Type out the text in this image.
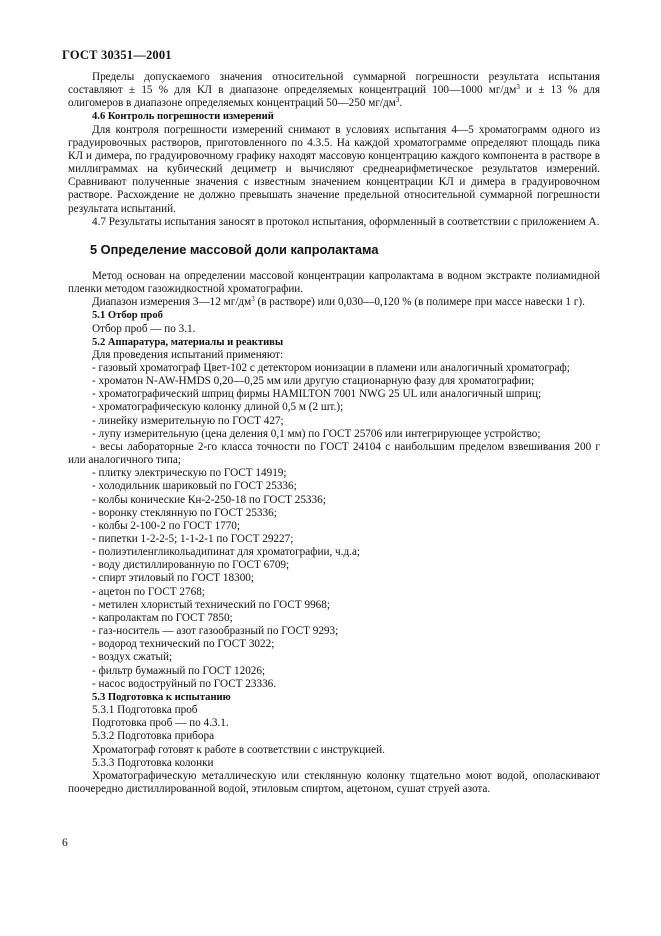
ГОСТ 30351—2001

Пределы допускаемого значения относительной суммарной погрешности результата испытания составляют ± 15 % для КЛ в диапазоне определяемых концентраций 100—1000 $мг/дм^3$ и ± 13 % для олигомеров в диапазоне определяемых концентраций 50—250 $мг/дм^3$.

4.6 Контроль погрешности измерений

Для контроля погрешности измерений снимают в условиях испытания 4—5 хроматограмм одного из градуировочных растворов, приготовленного по 4.3.5. На каждой хроматограмме определяют площадь пика КЛ и димера, по градуировочному графику находят массовую концентрацию каждого компонента в растворе в миллиграммах на кубический дециметр и вычисляют среднеарифметическое результатов измерений. Сравнивают полученные значения с известным значением концентрации КЛ и димера в градуировочном растворе. Расхождение не должно превышать значение предельной относительной суммарной погрешности результата испытаний.

4.7 Результаты испытания заносят в протокол испытания, оформленный в соответствии с приложением А.

5 Определение массовой доли капролактама

Метод основан на определении массовой концентрации капролактама в водном экстракте полиамидной пленки методом газожидкостной хроматографии.

Диапазон измерения 3—12 $мг/дм^3$ (в растворе) или 0,030—0,120 % (в полимере при массе навески 1 г).

5.1 Отбор проб

Отбор проб — по 3.1.

5.2 Аппаратура, материалы и реактивы

Для проведения испытаний применяют:

- газовый хроматограф Цвет-102 с детектором ионизации в пламени или аналогичный хроматограф;
- хроматон N-AW-HMDS 0,20—0,25 мм или другую стационарную фазу для хроматографии;
- хроматографический шприц фирмы HAMILTON 7001 NWG 25 UL или аналогичный шприц;
- хроматографическую колонку длиной 0,5 м (2 шт.);
- линейку измерительную по ГОСТ 427;
- лупу измерительную (цена деления 0,1 мм) по ГОСТ 25706 или интегрирующее устройство;
- весы лабораторные 2-го класса точности по ГОСТ 24104 с наибольшим пределом взвешивания 200 г или аналогичного типа;
- плитку электрическую по ГОСТ 14919;
- холодильник шариковый по ГОСТ 25336;
- колбы конические Кн-2-250-18 по ГОСТ 25336;
- воронку стеклянную по ГОСТ 25336;
- колбы 2-100-2 по ГОСТ 1770;
- пипетки 1-2-2-5; 1-1-2-1 по ГОСТ 29227;
- полиэтиленгликольадипинат для хроматографии, ч.д.а;
- воду дистиллированную по ГОСТ 6709;
- спирт этиловый по ГОСТ 18300;
- ацетон по ГОСТ 2768;
- метилен хлористый технический по ГОСТ 9968;
- капролактам по ГОСТ 7850;
- газ-носитель — азот газообразный по ГОСТ 9293;
- водород технический по ГОСТ 3022;
- воздух сжатый;
- фильтр бумажный по ГОСТ 12026;
- насос водоструйный по ГОСТ 23336.

5.3 Подготовка к испытанию

5.3.1 Подготовка проб

Подготовка проб — по 4.3.1.

5.3.2 Подготовка прибора

Хроматограф готовят к работе в соответствии с инструкцией.

5.3.3 Подготовка колонки

Хроматографическую металлическую или стеклянную колонку тщательно моют водой, ополаскивают поочередно дистиллированной водой, этиловым спиртом, ацетоном, сушат струей азота.

6
